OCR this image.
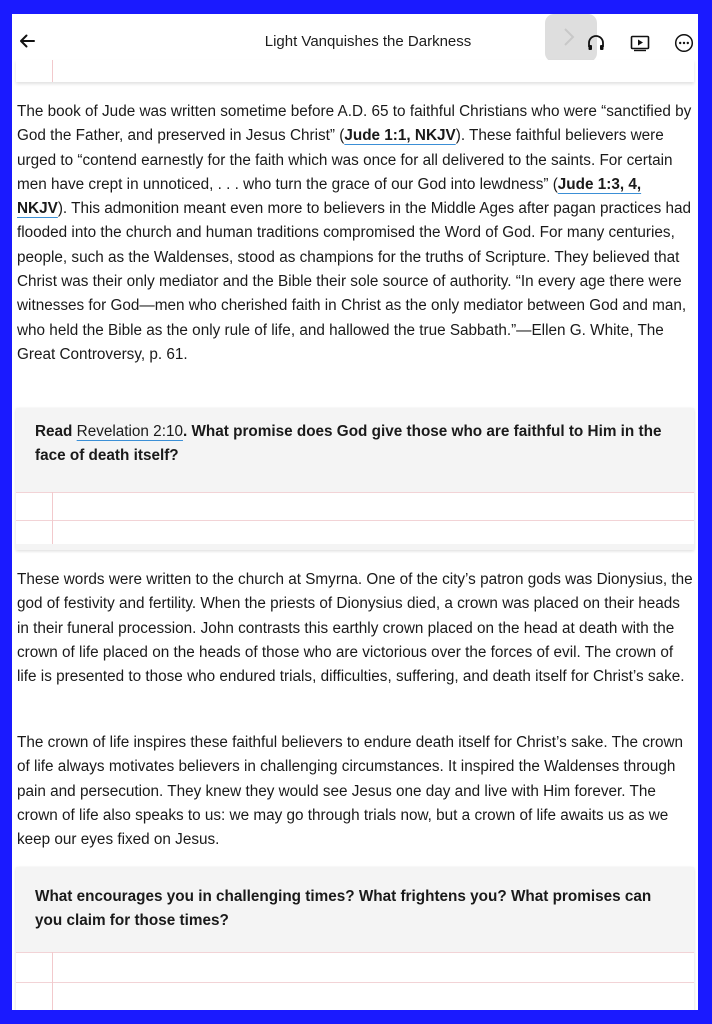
Light Vanquishes the Darkness

The book of Jude was written sometime before A.D. 65 to faithful Christians who were “sanctified by God the Father, and preserved in Jesus Christ” (Jude 1:1, NKJV). These faithful believers were urged to “contend earnestly for the faith which was once for all delivered to the saints. For certain men have crept in unnoticed, . . . who turn the grace of our God into lewdness” (Jude 1:3, 4, NKJV). This admonition meant even more to believers in the Middle Ages after pagan practices had flooded into the church and human traditions compromised the Word of God. For many centuries, people, such as the Waldenses, stood as champions for the truths of Scripture. They believed that Christ was their only mediator and the Bible their sole source of authority. “In every age there were witnesses for God—men who cherished faith in Christ as the only mediator between God and man, who held the Bible as the only rule of life, and hallowed the true Sabbath.”—Ellen G. White, The Great Controversy, p. 61.

Read Revelation 2:10. What promise does God give those who are faithful to Him in the face of death itself?

These words were written to the church at Smyrna. One of the city’s patron gods was Dionysius, the god of festivity and fertility. When the priests of Dionysius died, a crown was placed on their heads in their funeral procession. John contrasts this earthly crown placed on the head at death with the crown of life placed on the heads of those who are victorious over the forces of evil. The crown of life is presented to those who endured trials, difficulties, suffering, and death itself for Christ’s sake.

The crown of life inspires these faithful believers to endure death itself for Christ’s sake. The crown of life always motivates believers in challenging circumstances. It inspired the Waldenses through pain and persecution. They knew they would see Jesus one day and live with Him forever. The crown of life also speaks to us: we may go through trials now, but a crown of life awaits us as we keep our eyes fixed on Jesus.

What encourages you in challenging times? What frightens you? What promises can you claim for those times?
